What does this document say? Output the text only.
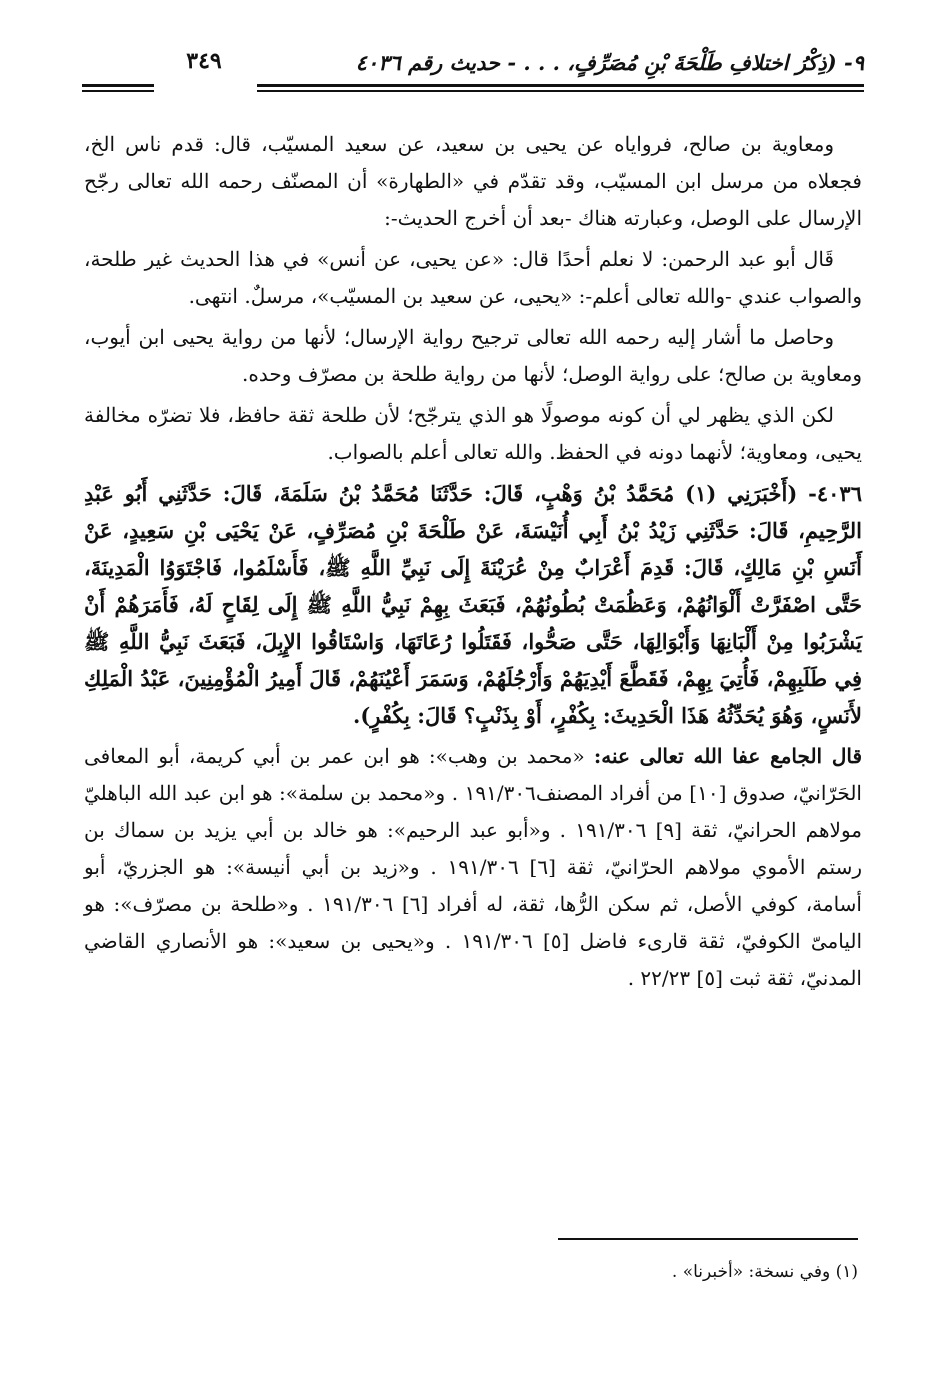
٩- (ذِكْرُ اختلافِ طَلْحَةَ بْنِ مُصَرِّفٍ، . . . - حديث رقم ٤٠٣٦
٣٤٩

ومعاوية بن صالح، فرواياه عن يحيى بن سعيد، عن سعيد المسيّب، قال: قدم ناس الخ، فجعلاه من مرسل ابن المسيّب، وقد تقدّم في «الطهارة» أن المصنّف رحمه الله تعالى رجّح الإرسال على الوصل، وعبارته هناك -بعد أن أخرج الحديث-:

قَال أبو عبد الرحمن: لا نعلم أحدًا قال: «عن يحيى، عن أنس» في هذا الحديث غير طلحة، والصواب عندي -والله تعالى أعلم-: «يحيى، عن سعيد بن المسيّب»، مرسلٌ. انتهى.

وحاصل ما أشار إليه رحمه الله تعالى ترجيح رواية الإرسال؛ لأنها من رواية يحيى ابن أيوب، ومعاوية بن صالح؛ على رواية الوصل؛ لأنها من رواية طلحة بن مصرّف وحده.

لكن الذي يظهر لي أن كونه موصولًا هو الذي يترجّح؛ لأن طلحة ثقة حافظ، فلا تضرّه مخالفة يحيى، ومعاوية؛ لأنهما دونه في الحفظ. والله تعالى أعلم بالصواب.

٤٠٣٦- (أَخْبَرَنِي (١) مُحَمَّدُ بْنُ وَهْبٍ، قَالَ: حَدَّثَنَا مُحَمَّدُ بْنُ سَلَمَةَ، قَالَ: حَدَّثَنِي أَبُو عَبْدِ الرَّحِيمِ، قَالَ: حَدَّثَنِي زَيْدُ بْنُ أَبِي أُنَيْسَةَ، عَنْ طَلْحَةَ بْنِ مُصَرِّفٍ، عَنْ يَحْيَى بْنِ سَعِيدٍ، عَنْ أَنَسِ بْنِ مَالِكٍ، قَالَ: قَدِمَ أَعْرَابٌ مِنْ عُرَيْنَةَ إِلَى نَبِيِّ اللَّهِ ﷺ، فَأَسْلَمُوا، فَاجْتَوَوُا الْمَدِينَةَ، حَتَّى اصْفَرَّتْ أَلْوَانُهُمْ، وَعَظُمَتْ بُطُونُهُمْ، فَبَعَثَ بِهِمْ نَبِيُّ اللَّهِ ﷺ إِلَى لِقَاحٍ لَهُ، فَأَمَرَهُمْ أَنْ يَشْرَبُوا مِنْ أَلْبَانِهَا وَأَبْوَالِهَا، حَتَّى صَحُّوا، فَقَتَلُوا رُعَاتَهَا، وَاسْتَاقُوا الإِبِلَ، فَبَعَثَ نَبِيُّ اللَّهِ ﷺ فِي طَلَبِهِمْ، فَأُتِيَ بِهِمْ، فَقَطَّعَ أَيْدِيَهُمْ وَأَرْجُلَهُمْ، وَسَمَرَ أَعْيُنَهُمْ، قَالَ أَمِيرُ الْمُؤْمِنِينَ، عَبْدُ الْمَلِكِ لأَنَسٍ، وَهُوَ يُحَدِّثُهُ هَذَا الْحَدِيثَ: بِكُفْرٍ، أَوْ بِذَنْبٍ؟ قَالَ: بِكُفْرٍ).

قال الجامع عفا الله تعالى عنه: «محمد بن وهب»: هو ابن عمر بن أبي كريمة، أبو المعافى الحَرّانيّ، صدوق [١٠] من أفراد المصنف١٩١/٣٠٦ . و«محمد بن سلمة»: هو ابن عبد الله الباهليّ مولاهم الحرانيّ، ثقة [٩] ١٩١/٣٠٦ . و«أبو عبد الرحيم»: هو خالد بن أبي يزيد بن سماك بن رستم الأموي مولاهم الحرّانيّ، ثقة [٦] ١٩١/٣٠٦ . و«زيد بن أبي أنيسة»: هو الجزريّ، أبو أسامة، كوفي الأصل، ثم سكن الرُّها، ثقة، له أفراد [٦] ١٩١/٣٠٦ . و«طلحة بن مصرّف»: هو اليامىّ الكوفيّ، ثقة قارىء فاضل [٥] ١٩١/٣٠٦ . و«يحيى بن سعيد»: هو الأنصاري القاضي المدنيّ، ثقة ثبت [٥] ٢٢/٢٣ .

(١) وفي نسخة: «أخبرنا» .
